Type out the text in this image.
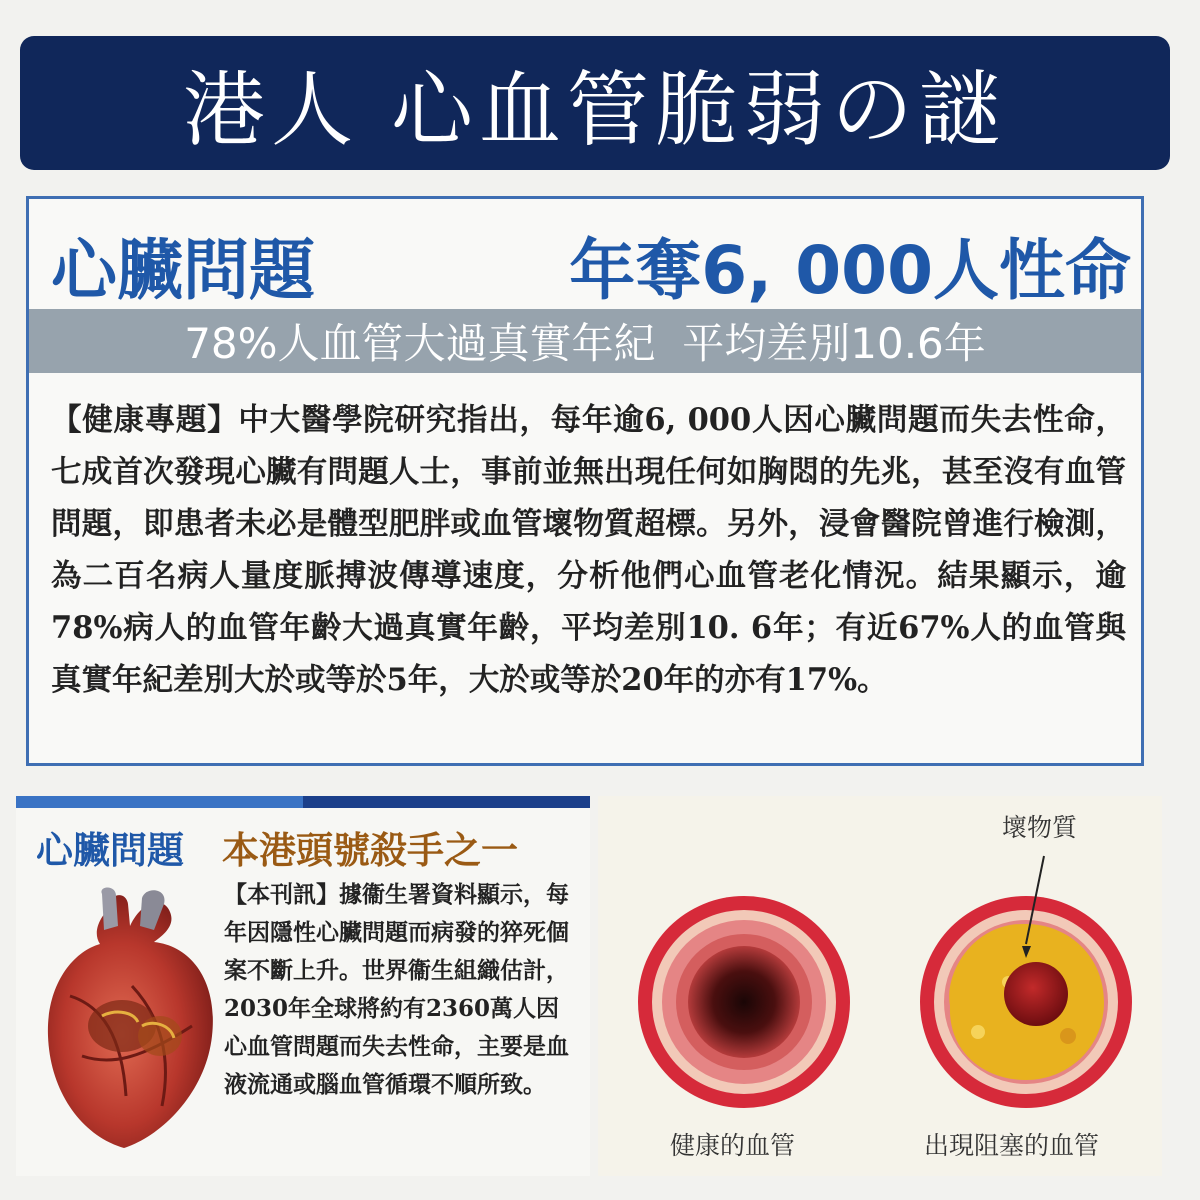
港人 心血管脆弱の謎
心臟問題	年奪6, 000人性命
78%人血管大過真實年紀  平均差別10.6年
【健康專題】中大醫學院研究指出，每年逾6, 000人因心臟問題而失去性命，七成首次發現心臟有問題人士，事前並無出現任何如胸悶的先兆，甚至沒有血管問題，即患者未必是體型肥胖或血管壞物質超標。另外，浸會醫院曾進行檢測，為二百名病人量度脈搏波傳導速度，分析他們心血管老化情況。結果顯示，逾78%病人的血管年齡大過真實年齡，平均差別10. 6年；有近67%人的血管與真實年紀差別大於或等於5年，大於或等於20年的亦有17%。
心臟問題 本港頭號殺手之一
【本刊訊】據衞生署資料顯示，每年因隱性心臟問題而病發的猝死個案不斷上升。世界衞生組織估計，2030年全球將約有2360萬人因心血管問題而失去性命，主要是血液流通或腦血管循環不順所致。
壞物質
健康的血管	出現阻塞的血管
